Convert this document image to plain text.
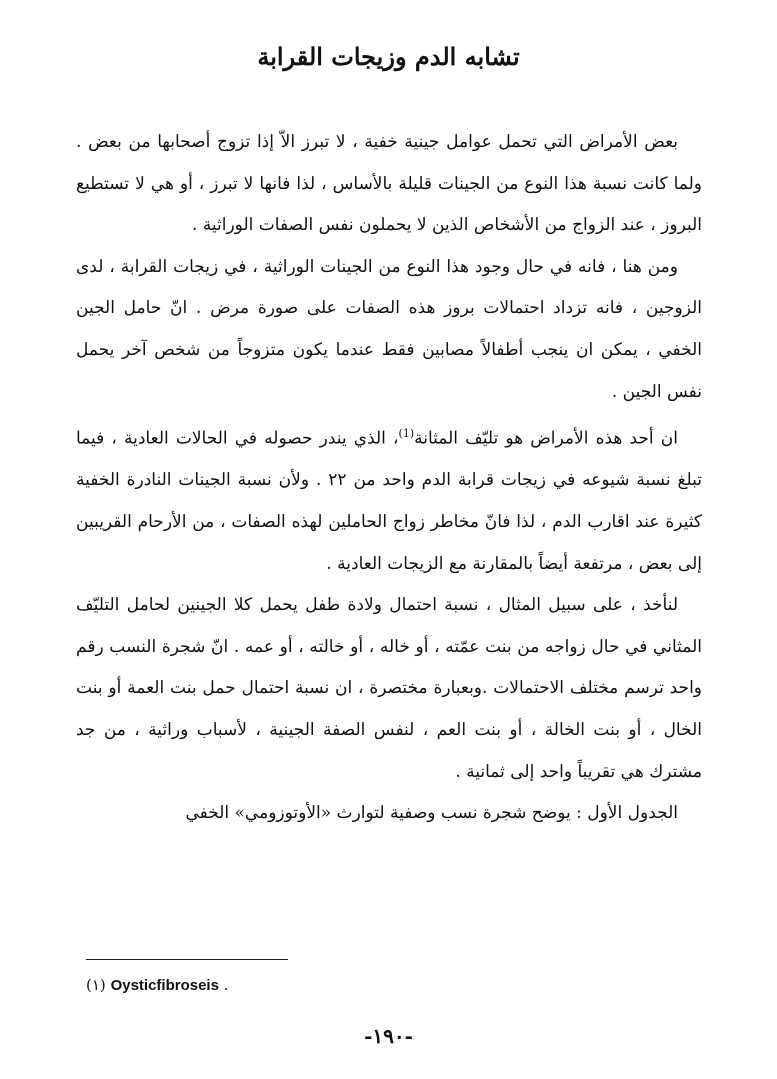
تشابه الدم وزيجات القرابة

بعض الأمراض التي تحمل عوامل جينية خفية ، لا تبرز الاّ إذا تزوج أصحابها من بعض . ولما كانت نسبة هذا النوع من الجينات قليلة بالأساس ، لذا فانها لا تبرز ، أو هي لا تستطيع البروز ، عند الزواج من الأشخاص الذين لا يحملون نفس الصفات الوراثية .

ومن هنا ، فانه في حال وجود هذا النوع من الجينات الوراثية ، في زيجات القرابة ، لدى الزوجين ، فانه تزداد احتمالات بروز هذه الصفات على صورة مرض . انّ حامل الجين الخفي ، يمكن ان ينجب أطفالاً مصابين فقط عندما يكون متزوجاً من شخص آخر يحمل نفس الجين .

ان أحد هذه الأمراض هو تليّف المثانة$^{(1)}$، الذي يندر حصوله في الحالات العادية ، فيما تبلغ نسبة شيوعه في زيجات قرابة الدم واحد من ٢٢ . ولأن نسبة الجينات النادرة الخفية كثيرة عند اقارب الدم ، لذا فانّ مخاطر زواج الحاملين لهذه الصفات ، من الأرحام القريبين إلى بعض ، مرتفعة أيضاً بالمقارنة مع الزيجات العادية .

لنأخذ ، على سبيل المثال ، نسبة احتمال ولادة طفل يحمل كلا الجينين لحامل التليّف المثاني في حال زواجه من بنت عمّته ، أو خاله ، أو خالته ، أو عمه . انّ شجرة النسب رقم واحد ترسم مختلف الاحتمالات .وبعبارة مختصرة ، ان نسبة احتمال حمل بنت العمة أو بنت الخال ، أو بنت الخالة ، أو بنت العم ، لنفس الصفة الجينية ، لأسباب وراثية ، من جد مشترك هي تقريباً واحد إلى ثمانية .

الجدول الأول : يوضح شجرة نسب وصفية لتوارث «الأوتوزومي» الخفي

(١) Oysticfibroseis .
-١٩٠-
